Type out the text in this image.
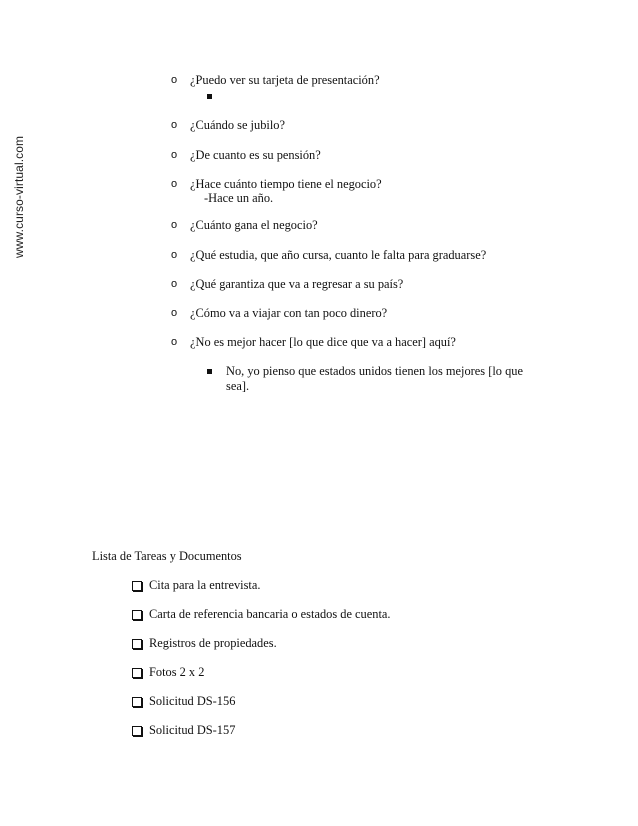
www.curso-virtual.com
o ¿Puedo ver su tarjeta de presentación?
o ¿Cuándo se jubilo?
o ¿De cuanto es su pensión?
o ¿Hace cuánto tiempo tiene el negocio?
-Hace un año.
o ¿Cuánto gana el negocio?
o ¿Qué estudia, que año cursa, cuanto le falta para graduarse?
o ¿Qué garantiza que va a regresar a su país?
o ¿Cómo va a viajar con tan poco dinero?
o ¿No es mejor hacer [lo que dice que va a hacer] aquí?
No, yo pienso que estados unidos tienen los mejores [lo que
sea].
Lista de Tareas y Documentos
Cita para la entrevista.
Carta de referencia bancaria o estados de cuenta.
Registros de propiedades.
Fotos 2 x 2
Solicitud DS-156
Solicitud DS-157
